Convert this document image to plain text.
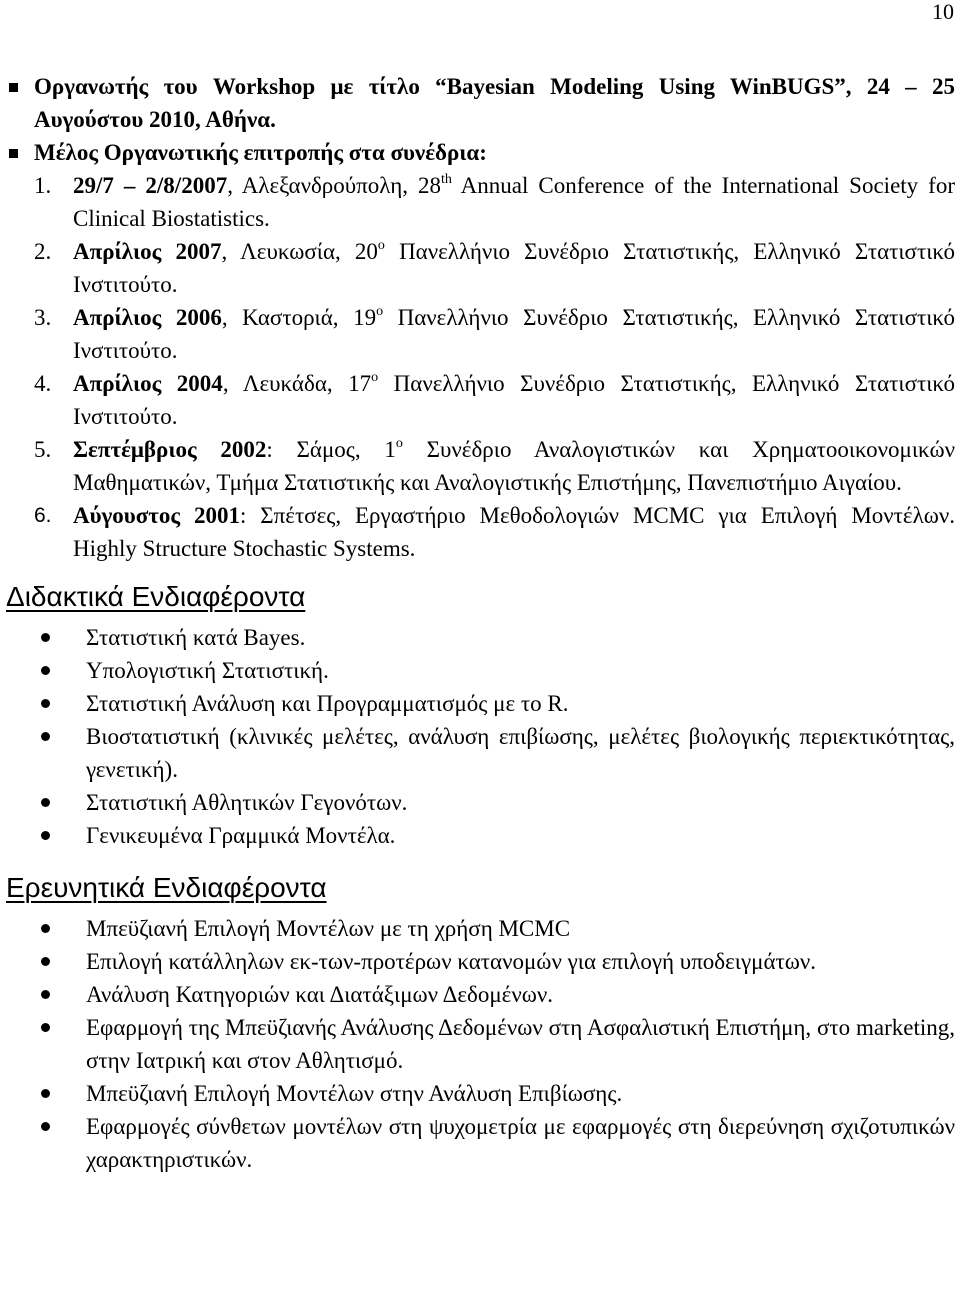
10
Οργανωτής του Workshop με τίτλο “Bayesian Modeling Using WinBUGS”, 24 – 25 Αυγούστου 2010, Αθήνα.
Μέλος Οργανωτικής επιτροπής στα συνέδρια:
1. 29/7 – 2/8/2007, Αλεξανδρούπολη, 28th Annual Conference of the International Society for Clinical Biostatistics.
2. Απρίλιος 2007, Λευκωσία, $20^o$ Πανελλήνιο Συνέδριο Στατιστικής, Ελληνικό Στατιστικό Ινστιτούτο.
3. Απρίλιος 2006, Καστοριά, $19^o$ Πανελλήνιο Συνέδριο Στατιστικής, Ελληνικό Στατιστικό Ινστιτούτο.
4. Απρίλιος 2004, Λευκάδα, $17^o$ Πανελλήνιο Συνέδριο Στατιστικής, Ελληνικό Στατιστικό Ινστιτούτο.
5. Σεπτέμβριος 2002: Σάμος, $1^o$ Συνέδριο Αναλογιστικών και Χρηματοοικονομικών Μαθηματικών, Τμήμα Στατιστικής και Αναλογιστικής Επιστήμης, Πανεπιστήμιο Αιγαίου.
6. Αύγουστος 2001: Σπέτσες, Εργαστήριο Μεθοδολογιών MCMC για Επιλογή Μοντέλων. Highly Structure Stochastic Systems.
Διδακτικά Ενδιαφέροντα
Στατιστική κατά Bayes.
Υπολογιστική Στατιστική.
Στατιστική Ανάλυση και Προγραμματισμός με το R.
Βιοστατιστική (κλινικές μελέτες, ανάλυση επιβίωσης, μελέτες βιολογικής περιεκτικότητας, γενετική).
Στατιστική Αθλητικών Γεγονότων.
Γενικευμένα Γραμμικά Μοντέλα.
Ερευνητικά Ενδιαφέροντα
Μπεϋζιανή Επιλογή Μοντέλων με τη χρήση MCMC
Επιλογή κατάλληλων εκ-των-προτέρων κατανομών για επιλογή υποδειγμάτων.
Ανάλυση Κατηγοριών και Διατάξιμων Δεδομένων.
Εφαρμογή της Μπεϋζιανής Ανάλυσης Δεδομένων στη Ασφαλιστική Επιστήμη, στο marketing, στην Ιατρική και στον Αθλητισμό.
Μπεϋζιανή Επιλογή Μοντέλων στην Ανάλυση Επιβίωσης.
Εφαρμογές σύνθετων μοντέλων στη ψυχομετρία με εφαρμογές στη διερεύνηση σχιζοτυπικών χαρακτηριστικών.
